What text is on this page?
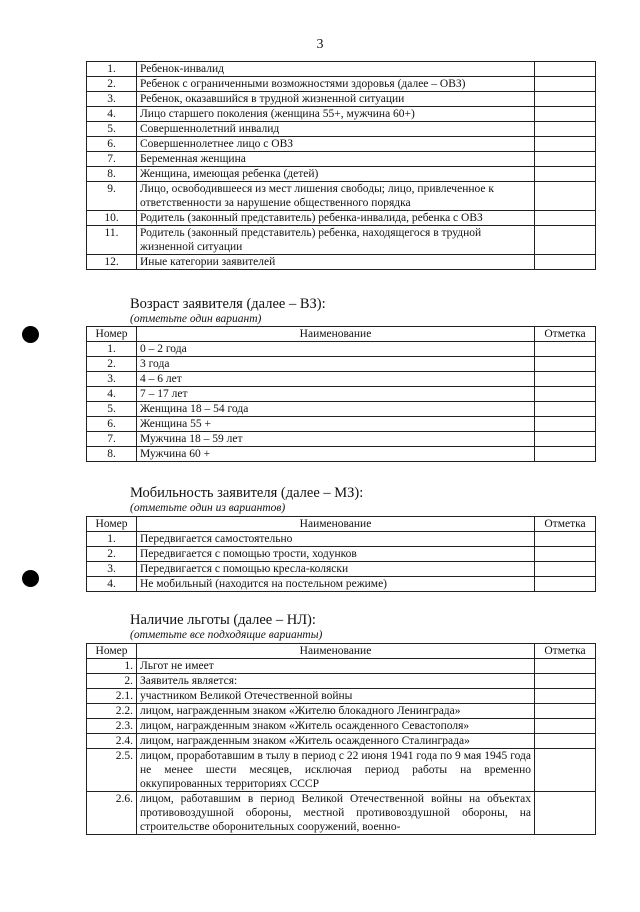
3
1.	Ребенок-инвалид	
2.	Ребенок с ограниченными возможностями здоровья (далее – ОВЗ)	
3.	Ребенок, оказавшийся в трудной жизненной ситуации	
4.	Лицо старшего поколения (женщина 55+, мужчина 60+)	
5.	Совершеннолетний инвалид	
6.	Совершеннолетнее лицо с ОВЗ	
7.	Беременная женщина	
8.	Женщина, имеющая ребенка (детей)	
9.	Лицо, освободившееся из мест лишения свободы; лицо, привлеченное к ответственности за нарушение общественного порядка	
10.	Родитель (законный представитель) ребенка-инвалида, ребенка с ОВЗ	
11.	Родитель (законный представитель) ребенка, находящегося в трудной жизненной ситуации	
12.	Иные категории заявителей	
Возраст заявителя (далее – ВЗ):
(отметьте один вариант)
Номер	Наименование	Отметка
1.	0 – 2 года	
2.	3 года	
3.	4 – 6 лет	
4.	7 – 17 лет	
5.	Женщина 18 – 54 года	
6.	Женщина 55 +	
7.	Мужчина 18 – 59 лет	
8.	Мужчина 60 +	
Мобильность заявителя (далее – МЗ):
(отметьте один из вариантов)
Номер	Наименование	Отметка
1.	Передвигается самостоятельно	
2.	Передвигается с помощью трости, ходунков	
3.	Передвигается с помощью кресла-коляски	
4.	Не мобильный (находится на постельном режиме)	
Наличие льготы (далее – НЛ):
(отметьте все подходящие варианты)
Номер	Наименование	Отметка
1.	Льгот не имеет	
2.	Заявитель является:	
2.1.	участником Великой Отечественной войны	
2.2.	лицом, награжденным знаком «Жителю блокадного Ленинграда»	
2.3.	лицом, награжденным знаком «Житель осажденного Севастополя»	
2.4.	лицом, награжденным знаком «Житель осажденного Сталинграда»	
2.5.	лицом, проработавшим в тылу в период с 22 июня 1941 года по 9 мая 1945 года не менее шести месяцев, исключая период работы на временно оккупированных территориях СССР	
2.6.	лицом, работавшим в период Великой Отечественной войны на объектах противовоздушной обороны, местной противовоздушной обороны, на строительстве оборонительных сооружений, военно-	
